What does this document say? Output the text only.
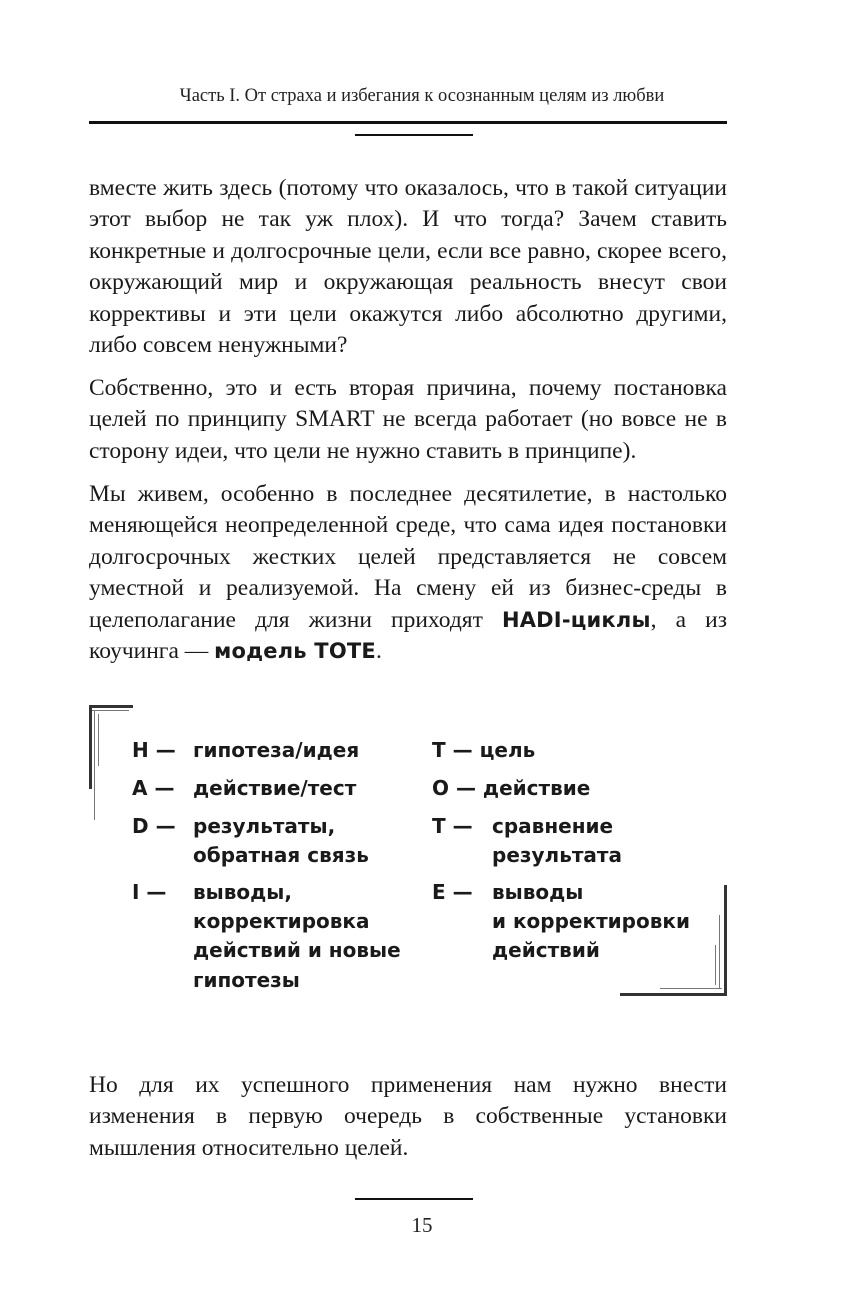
Часть I. От страха и избегания к осознанным целям из любви

вместе жить здесь (потому что оказалось, что в такой ситуации этот выбор не так уж плох). И что тогда? Зачем ставить конкретные и долгосрочные цели, если все равно, скорее всего, окружающий мир и окружающая реальность внесут свои коррективы и эти цели окажутся либо абсолютно другими, либо совсем ненужными?

Собственно, это и есть вторая причина, почему постановка целей по принципу SMART не всегда работает (но вовсе не в сторону идеи, что цели не нужно ставить в принципе).

Мы живем, особенно в последнее десятилетие, в настолько меняющейся неопределенной среде, что сама идея постановки долгосрочных жестких целей представляется не совсем уместной и реализуемой. На смену ей из бизнес-среды в целеполагание для жизни приходят HADI-циклы, а из коучинга — модель TOTE.

H — гипотеза/идея
A — действие/тест
D — результаты,
обратная связь
I — выводы,
корректировка
действий и новые
гипотезы
T — цель
O — действие
T — сравнение
результата
E — выводы
и корректировки
действий

Но для их успешного применения нам нужно внести изменения в первую очередь в собственные установки мышления относительно целей.

15
